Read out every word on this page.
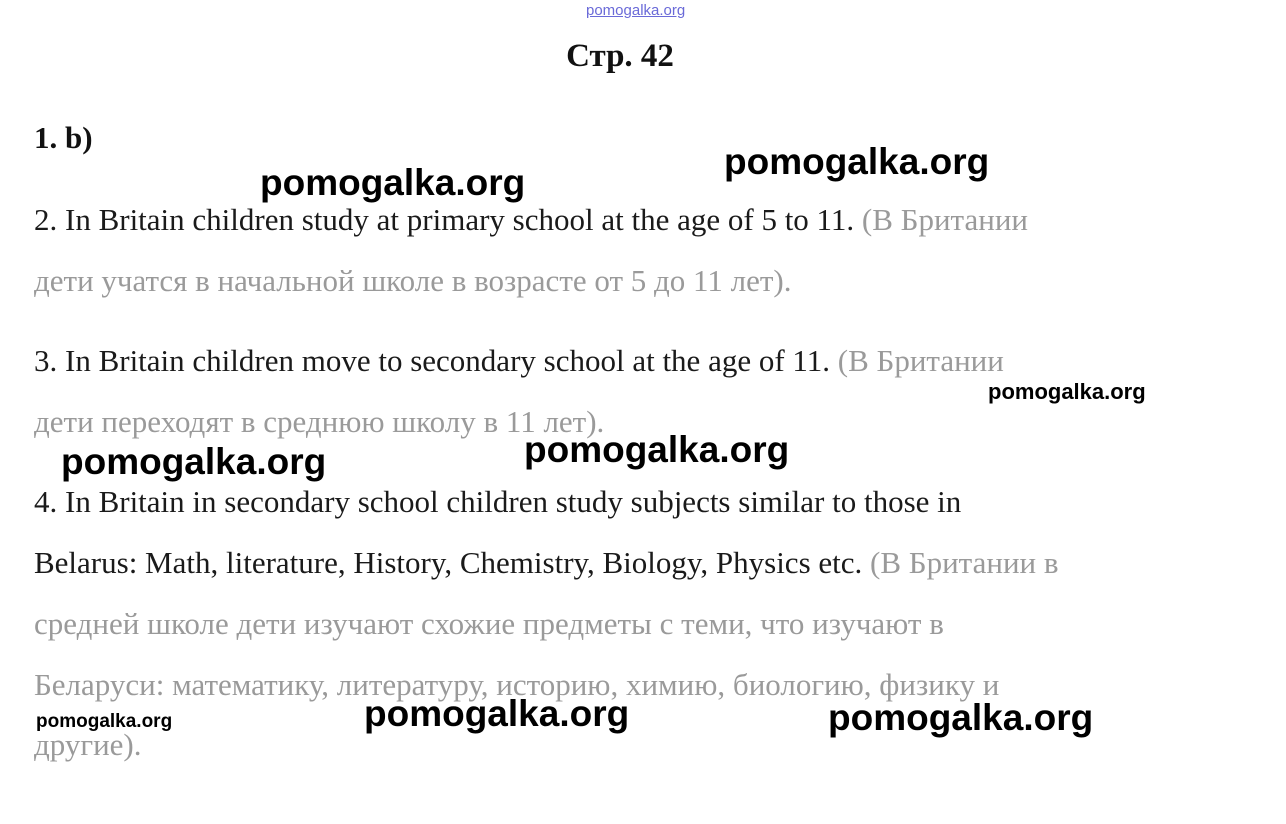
pomogalka.org
Стр. 42
1. b)
2. In Britain children study at primary school at the age of 5 to 11. (В Британии
дети учатся в начальной школе в возрасте от 5 до 11 лет).
3. In Britain children move to secondary school at the age of 11. (В Британии
дети переходят в среднюю школу в 11 лет).
4. In Britain in secondary school children study subjects similar to those in
Belarus: Math, literature, History, Chemistry, Biology, Physics etc. (В Британии в
средней школе дети изучают схожие предметы с теми, что изучают в
Беларуси: математику, литературу, историю, химию, биологию, физику и
другие).
pomogalka.org
pomogalka.org
pomogalka.org
pomogalka.org	pomogalka.org
pomogalka.org	pomogalka.org
pomogalka.org
